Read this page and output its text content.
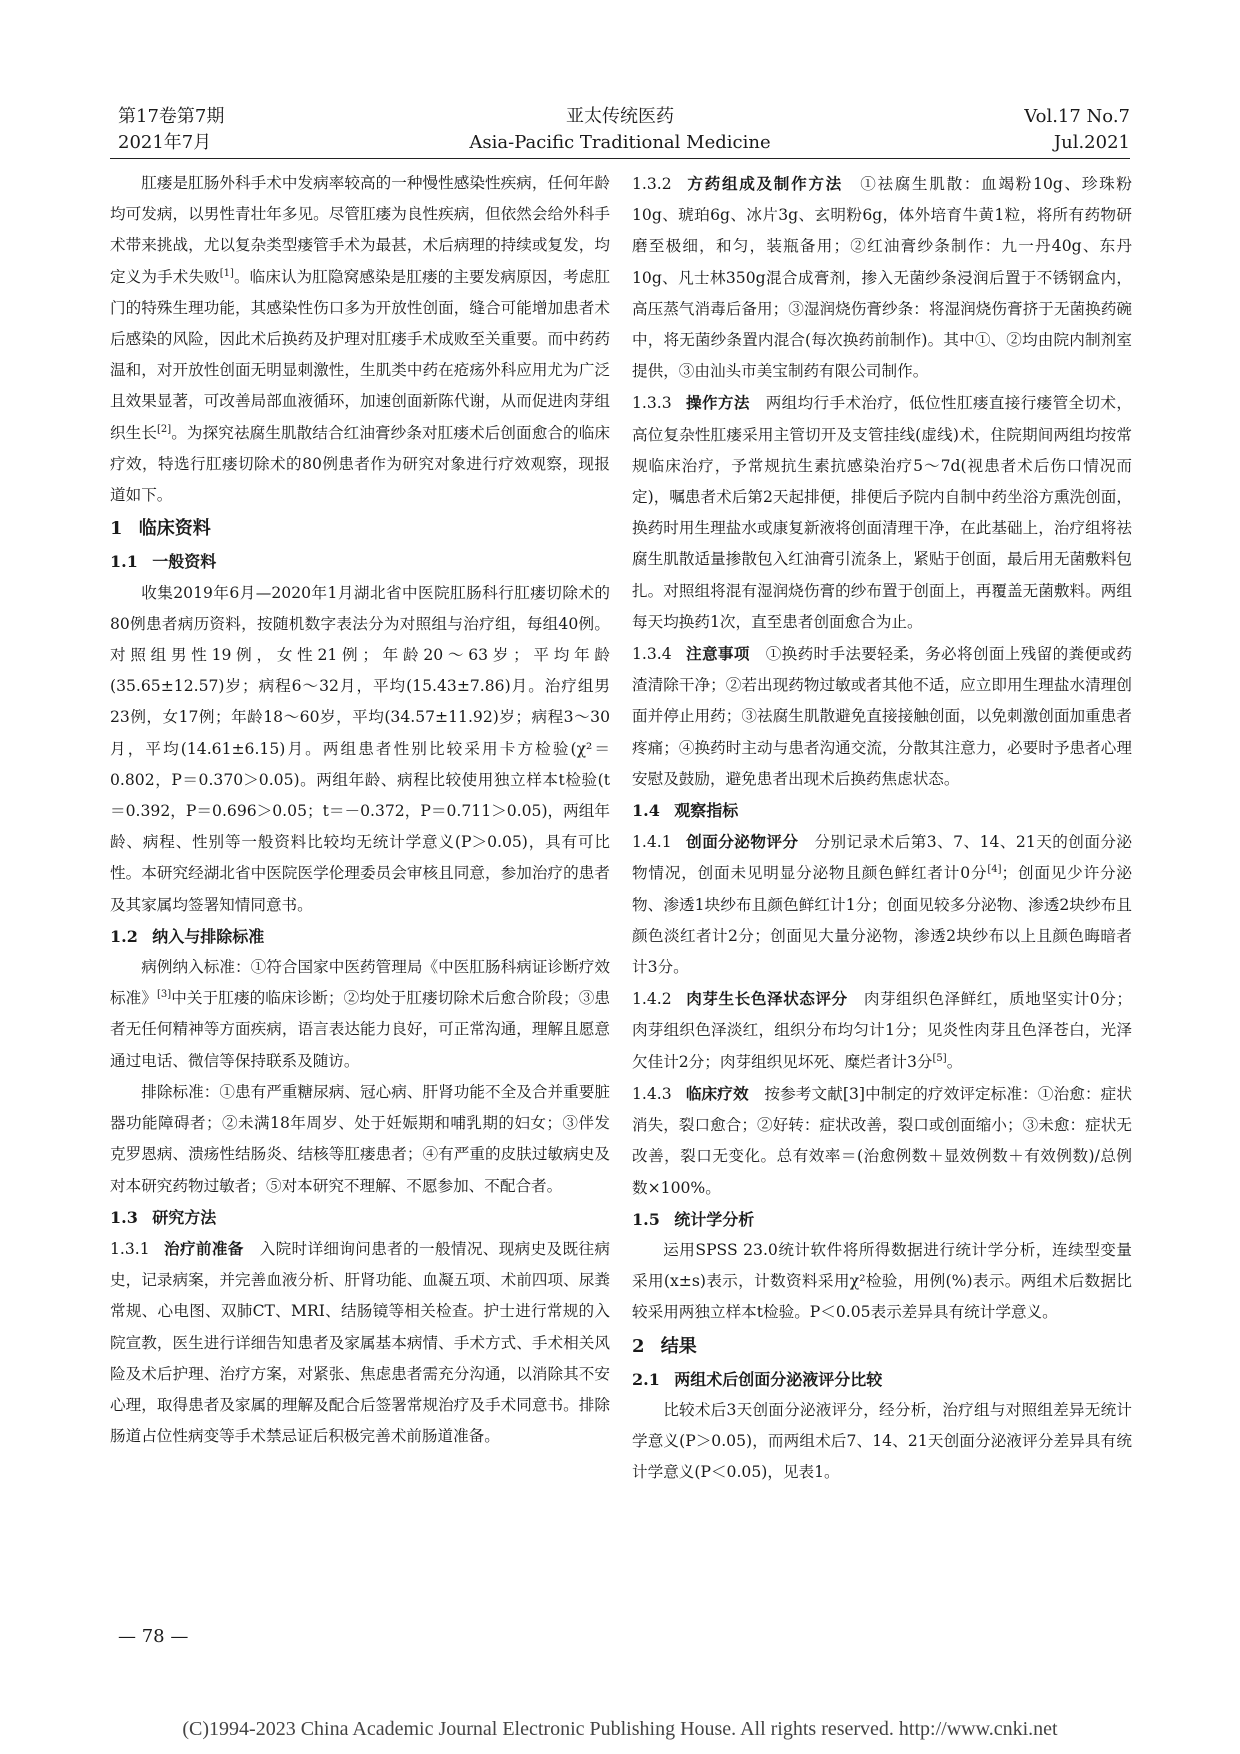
第17卷第7期
2021年7月
亚太传统医药
Asia-Pacific Traditional Medicine
Vol.17 No.7
Jul.2021

肛瘘是肛肠外科手术中发病率较高的一种慢性感染性疾病，任何年龄均可发病，以男性青壮年多见。尽管肛瘘为良性疾病，但依然会给外科手术带来挑战，尤以复杂类型瘘管手术为最甚，术后病理的持续或复发，均定义为手术失败[1]。临床认为肛隐窝感染是肛瘘的主要发病原因，考虑肛门的特殊生理功能，其感染性伤口多为开放性创面，缝合可能增加患者术后感染的风险，因此术后换药及护理对肛瘘手术成败至关重要。而中药药温和，对开放性创面无明显刺激性，生肌类中药在疮疡外科应用尤为广泛且效果显著，可改善局部血液循环，加速创面新陈代谢，从而促进肉芽组织生长[2]。为探究祛腐生肌散结合红油膏纱条对肛瘘术后创面愈合的临床疗效，特选行肛瘘切除术的80例患者作为研究对象进行疗效观察，现报道如下。

1 临床资料

1.1 一般资料

收集2019年6月—2020年1月湖北省中医院肛肠科行肛瘘切除术的80例患者病历资料，按随机数字表法分为对照组与治疗组，每组40例。对照组男性19例，女性21例；年龄20～63岁；平均年龄(35.65±12.57)岁；病程6～32月，平均(15.43±7.86)月。治疗组男23例，女17例；年龄18～60岁，平均(34.57±11.92)岁；病程3～30月，平均(14.61±6.15)月。两组患者性别比较采用卡方检验(χ²＝0.802，P＝0.370＞0.05)。两组年龄、病程比较使用独立样本t检验(t＝0.392，P＝0.696＞0.05；t＝－0.372，P＝0.711＞0.05)，两组年龄、病程、性别等一般资料比较均无统计学意义(P＞0.05)，具有可比性。本研究经湖北省中医院医学伦理委员会审核且同意，参加治疗的患者及其家属均签署知情同意书。

1.2 纳入与排除标准

病例纳入标准：①符合国家中医药管理局《中医肛肠科病证诊断疗效标准》[3]中关于肛瘘的临床诊断；②均处于肛瘘切除术后愈合阶段；③患者无任何精神等方面疾病，语言表达能力良好，可正常沟通，理解且愿意通过电话、微信等保持联系及随访。

排除标准：①患有严重糖尿病、冠心病、肝肾功能不全及合并重要脏器功能障碍者；②未满18年周岁、处于妊娠期和哺乳期的妇女；③伴发克罗恩病、溃疡性结肠炎、结核等肛瘘患者；④有严重的皮肤过敏病史及对本研究药物过敏者；⑤对本研究不理解、不愿参加、不配合者。

1.3 研究方法

1.3.1 治疗前准备　 入院时详细询问患者的一般情况、现病史及既往病史，记录病案，并完善血液分析、肝肾功能、血凝五项、术前四项、尿粪常规、心电图、双肺CT、MRI、结肠镜等相关检查。护士进行常规的入院宣教，医生进行详细告知患者及家属基本病情、手术方式、手术相关风险及术后护理、治疗方案，对紧张、焦虑患者需充分沟通，以消除其不安心理，取得患者及家属的理解及配合后签署常规治疗及手术同意书。排除肠道占位性病变等手术禁忌证后积极完善术前肠道准备。

1.3.2 方药组成及制作方法　 ①祛腐生肌散：血竭粉10g、珍珠粉10g、琥珀6g、冰片3g、玄明粉6g，体外培育牛黄1粒，将所有药物研磨至极细，和匀，装瓶备用；②红油膏纱条制作：九一丹40g、东丹10g、凡士林350g混合成膏剂，掺入无菌纱条浸润后置于不锈钢盒内，高压蒸气消毒后备用；③湿润烧伤膏纱条：将湿润烧伤膏挤于无菌换药碗中，将无菌纱条置内混合(每次换药前制作)。其中①、②均由院内制剂室提供，③由汕头市美宝制药有限公司制作。

1.3.3 操作方法　 两组均行手术治疗，低位性肛瘘直接行瘘管全切术，高位复杂性肛瘘采用主管切开及支管挂线(虚线)术，住院期间两组均按常规临床治疗，予常规抗生素抗感染治疗5～7d(视患者术后伤口情况而定)，嘱患者术后第2天起排便，排便后予院内自制中药坐浴方熏洗创面，换药时用生理盐水或康复新液将创面清理干净，在此基础上，治疗组将祛腐生肌散适量掺散包入红油膏引流条上，紧贴于创面，最后用无菌敷料包扎。对照组将混有湿润烧伤膏的纱布置于创面上，再覆盖无菌敷料。两组每天均换药1次，直至患者创面愈合为止。

1.3.4 注意事项　 ①换药时手法要轻柔，务必将创面上残留的粪便或药渣清除干净；②若出现药物过敏或者其他不适，应立即用生理盐水清理创面并停止用药；③祛腐生肌散避免直接接触创面，以免刺激创面加重患者疼痛；④换药时主动与患者沟通交流，分散其注意力，必要时予患者心理安慰及鼓励，避免患者出现术后换药焦虑状态。

1.4 观察指标

1.4.1 创面分泌物评分　 分别记录术后第3、7、14、21天的创面分泌物情况，创面未见明显分泌物且颜色鲜红者计0分[4]；创面见少许分泌物、渗透1块纱布且颜色鲜红计1分；创面见较多分泌物、渗透2块纱布且颜色淡红者计2分；创面见大量分泌物，渗透2块纱布以上且颜色晦暗者计3分。

1.4.2 肉芽生长色泽状态评分　 肉芽组织色泽鲜红，质地坚实计0分；肉芽组织色泽淡红，组织分布均匀计1分；见炎性肉芽且色泽苍白，光泽欠佳计2分；肉芽组织见坏死、糜烂者计3分[5]。

1.4.3 临床疗效　 按参考文献[3]中制定的疗效评定标准：①治愈：症状消失，裂口愈合；②好转：症状改善，裂口或创面缩小；③未愈：症状无改善，裂口无变化。总有效率＝(治愈例数＋显效例数＋有效例数)/总例数×100%。

1.5 统计学分析

运用SPSS 23.0统计软件将所得数据进行统计学分析，连续型变量采用(x±s)表示，计数资料采用χ²检验，用例(%)表示。两组术后数据比较采用两独立样本t检验。P＜0.05表示差异具有统计学意义。

2 结果

2.1 两组术后创面分泌液评分比较

比较术后3天创面分泌液评分，经分析，治疗组与对照组差异无统计学意义(P＞0.05)，而两组术后7、14、21天创面分泌液评分差异具有统计学意义(P＜0.05)，见表1。

— 78 —
(C)1994-2023 China Academic Journal Electronic Publishing House. All rights reserved. http://www.cnki.net
